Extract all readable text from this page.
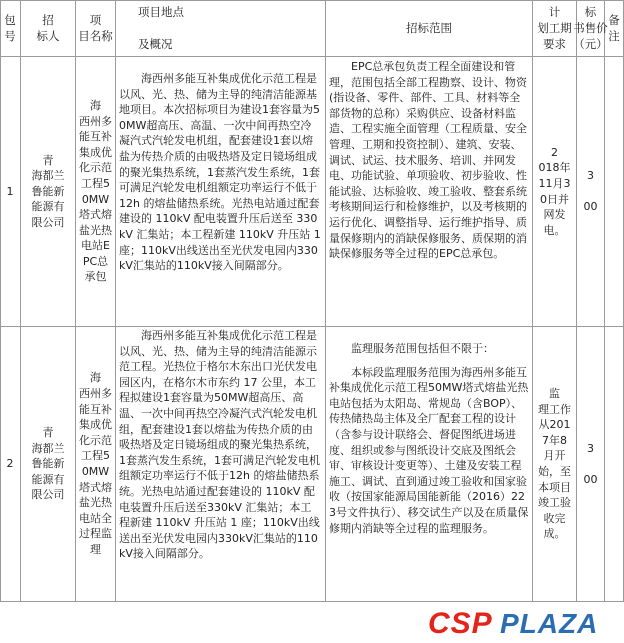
包
号
招
标人
项
目名称
项目地点

及概况
招标范围
计
划工期
要求
标
书售价
（元）
备
注
1
青
海都兰
鲁能新
能源有
限公司
海
西州多
能互补
集成优
化示范
工程5
0MW
塔式熔
盐光热
电站E
PC总
承包
海西州多能互补集成优化示范工程是以风、光、热、储为主导的纯清洁能源基地项目。本次招标项目为建设1套容量为50MW超高压、高温、一次中间再热空冷凝汽式汽轮发电机组，配套建设1套以熔盐为传热介质的由吸热塔及定日镜场组成的聚光集热系统，1套蒸汽发生系统，1套可满足汽轮发电机组额定功率运行不低于12h 的熔盐储热系统。光热电站通过配套建设的 110kV 配电装置升压后送至 330kV 汇集站；本工程新建 110kV 升压站 1 座；110kV出线送出至光伏发电园内330kV汇集站的110kV接入间隔部分。
EPC总承包负责工程全面建设和管理，范围包括全部工程勘察、设计、物资(指设备、零件、部件、工具、材料等全部货物的总称）采购供应、设备材料监造、工程实施全面管理（工程质量、安全管理、工期和投资控制）、建筑、安装、调试、试运、技术服务、培训、并网发电、功能试验、单项验收、初步验收、性能试验、达标验收、竣工验收、整套系统考核期间运行和检修维护，以及考核期的运行优化、调整指导、运行维护指导、质量保修期内的消缺保修服务、质保期的消缺保修服务等全过程的EPC总承包。
2
018年
11月3
0日并
网发
电。
3

00
2
青
海都兰
鲁能新
能源有
限公司
海
西州多
能互补
集成优
化示范
工程5
0MW
塔式熔
盐光热
电站全
过程监
理
海西州多能互补集成优化示范工程是以风、光、热、储为主导的纯清洁能源示范工程。光热位于格尔木东出口光伏发电园区内，在格尔木市东约 17 公里，本工程拟建设1套容量为50MW超高压、高温、一次中间再热空冷凝汽式汽轮发电机组，配套建设1套以熔盐为传热介质的由吸热塔及定日镜场组成的聚光集热系统，1套蒸汽发生系统，1套可满足汽轮发电机组额定功率运行不低于12h 的熔盐储热系统。光热电站通过配套建设的 110kV 配电装置升压后送至330kV 汇集站；本工程新建 110kV 升压站 1 座；110kV出线送出至光伏发电园内330kV汇集站的110kV接入间隔部分。
监理服务范围包括但不限于：
本标段监理服务范围为海西州多能互补集成优化示范工程50MW塔式熔盐光热电站包括为太阳岛、常规岛（含BOP）、传热储热岛主体及全厂配套工程的设计（含参与设计联络会、督促图纸进场进度、组织或参与图纸设计交底及图纸会审、审核设计变更等）、土建及安装工程施工、调试、直到通过竣工验收和国家验收（按国家能源局国能新能（2016）223号文件执行）、移交试生产以及在质量保修期内消缺等全过程的监理服务。
监
理工作
从201
7年8
月开
始，至
本项目
竣工验
收完
成。
3

00
CSP PLAZA
